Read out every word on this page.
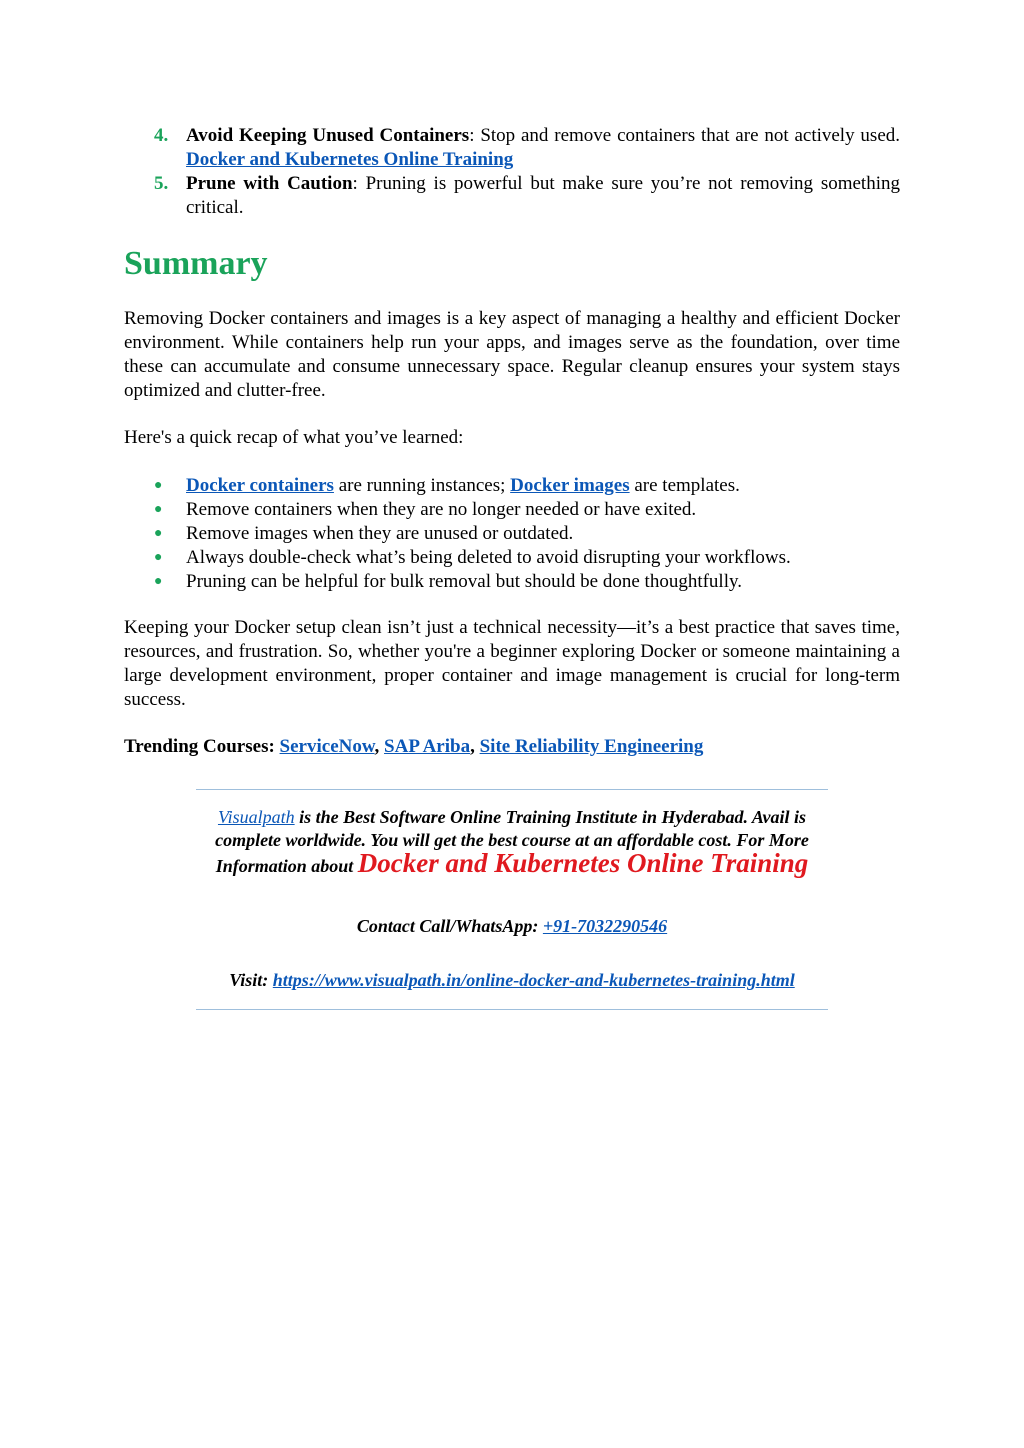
4. Avoid Keeping Unused Containers: Stop and remove containers that are not actively used. Docker and Kubernetes Online Training
5. Prune with Caution: Pruning is powerful but make sure you’re not removing something critical.
Summary
Removing Docker containers and images is a key aspect of managing a healthy and efficient Docker environment. While containers help run your apps, and images serve as the foundation, over time these can accumulate and consume unnecessary space. Regular cleanup ensures your system stays optimized and clutter-free.
Here's a quick recap of what you’ve learned:
● Docker containers are running instances; Docker images are templates.
● Remove containers when they are no longer needed or have exited.
● Remove images when they are unused or outdated.
● Always double-check what’s being deleted to avoid disrupting your workflows.
● Pruning can be helpful for bulk removal but should be done thoughtfully.
Keeping your Docker setup clean isn’t just a technical necessity—it’s a best practice that saves time, resources, and frustration. So, whether you're a beginner exploring Docker or someone maintaining a large development environment, proper container and image management is crucial for long-term success.
Trending Courses: ServiceNow, SAP Ariba, Site Reliability Engineering
Visualpath is the Best Software Online Training Institute in Hyderabad. Avail is complete worldwide. You will get the best course at an affordable cost. For More Information about Docker and Kubernetes Online Training
Contact Call/WhatsApp: +91-7032290546
Visit: https://www.visualpath.in/online-docker-and-kubernetes-training.html
